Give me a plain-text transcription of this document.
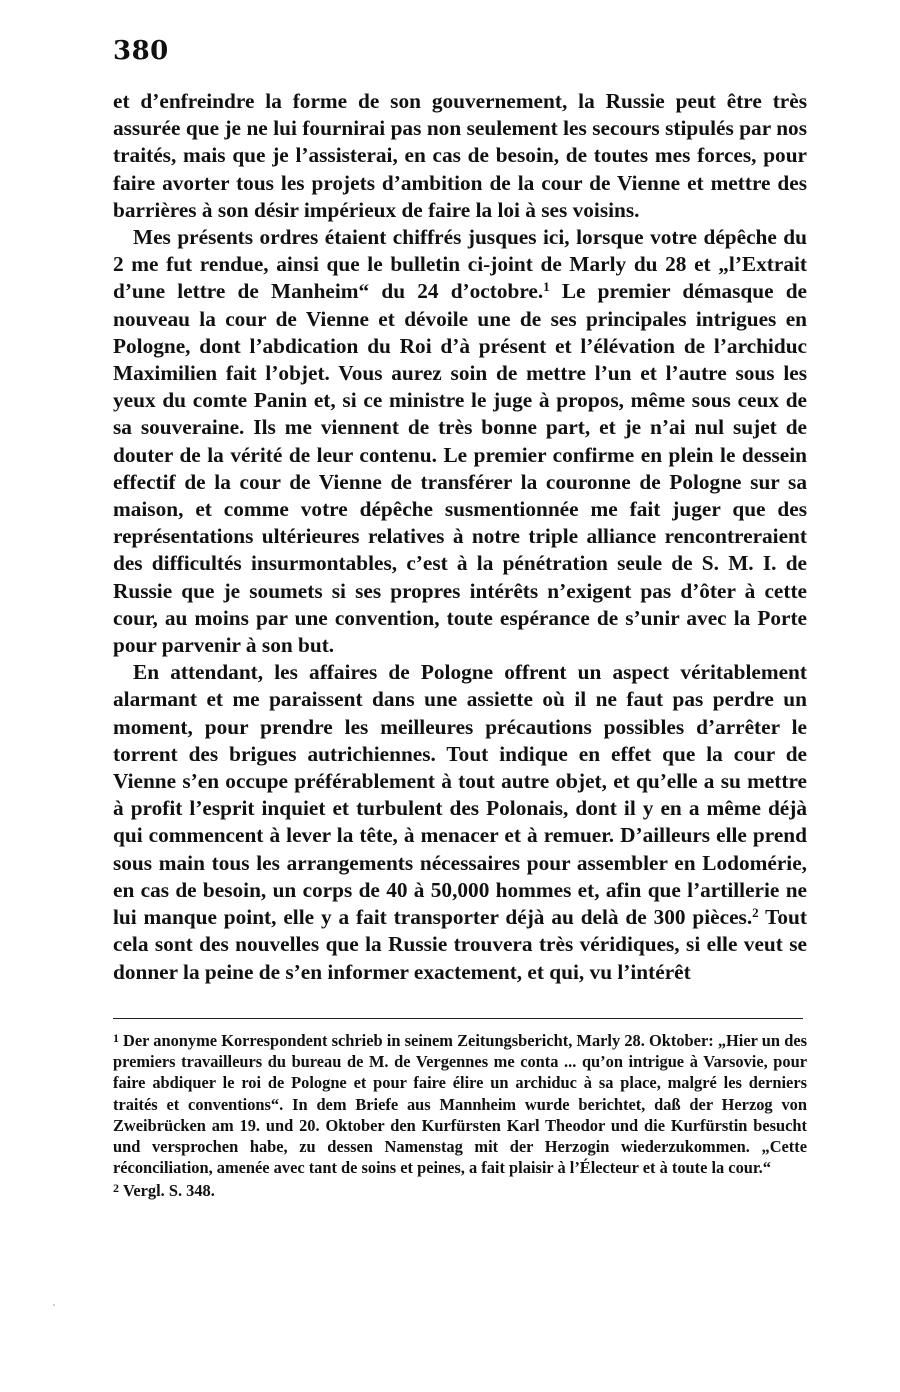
380

et d’enfreindre la forme de son gouvernement, la Russie peut être très assurée que je ne lui fournirai pas non seulement les secours stipulés par nos traités, mais que je l’assisterai, en cas de besoin, de toutes mes forces, pour faire avorter tous les projets d’ambition de la cour de Vienne et mettre des barrières à son désir impérieux de faire la loi à ses voisins.

Mes présents ordres étaient chiffrés jusques ici, lorsque votre dépêche du 2 me fut rendue, ainsi que le bulletin ci-joint de Marly du 28 et „l’Extrait d’une lettre de Manheim“ du 24 d’octobre.$^1$ Le premier démasque de nouveau la cour de Vienne et dévoile une de ses principales intrigues en Pologne, dont l’abdication du Roi d’à présent et l’élévation de l’archiduc Maximilien fait l’objet. Vous aurez soin de mettre l’un et l’autre sous les yeux du comte Panin et, si ce ministre le juge à propos, même sous ceux de sa souveraine. Ils me viennent de très bonne part, et je n’ai nul sujet de douter de la vérité de leur contenu. Le premier confirme en plein le dessein effectif de la cour de Vienne de transférer la couronne de Pologne sur sa maison, et comme votre dépêche susmentionnée me fait juger que des représentations ultérieures relatives à notre triple alliance rencontreraient des difficultés insurmontables, c’est à la pénétration seule de S. M. I. de Russie que je soumets si ses propres intérêts n’exigent pas d’ôter à cette cour, au moins par une convention, toute espérance de s’unir avec la Porte pour parvenir à son but.

En attendant, les affaires de Pologne offrent un aspect véritablement alarmant et me paraissent dans une assiette où il ne faut pas perdre un moment, pour prendre les meilleures précautions possibles d’arrêter le torrent des brigues autrichiennes. Tout indique en effet que la cour de Vienne s’en occupe préférablement à tout autre objet, et qu’elle a su mettre à profit l’esprit inquiet et turbulent des Polonais, dont il y en a même déjà qui commencent à lever la tête, à menacer et à remuer. D’ailleurs elle prend sous main tous les arrangements nécessaires pour assembler en Lodomérie, en cas de besoin, un corps de 40 à 50,000 hommes et, afin que l’artillerie ne lui manque point, elle y a fait transporter déjà au delà de 300 pièces.$^2$ Tout cela sont des nouvelles que la Russie trouvera très véridiques, si elle veut se donner la peine de s’en informer exactement, et qui, vu l’intérêt

$^1$ Der anonyme Korrespondent schrieb in seinem Zeitungsbericht, Marly 28. Oktober: „Hier un des premiers travailleurs du bureau de M. de Vergennes me conta ... qu’on intrigue à Varsovie, pour faire abdiquer le roi de Pologne et pour faire élire un archiduc à sa place, malgré les derniers traités et conventions“. In dem Briefe aus Mannheim wurde berichtet, daß der Herzog von Zweibrücken am 19. und 20. Oktober den Kurfürsten Karl Theodor und die Kurfürstin besucht und versprochen habe, zu dessen Namenstag mit der Herzogin wiederzukommen. „Cette réconciliation, amenée avec tant de soins et peines, a fait plaisir à l’Électeur et à toute la cour.“

$^2$ Vergl. S. 348.
